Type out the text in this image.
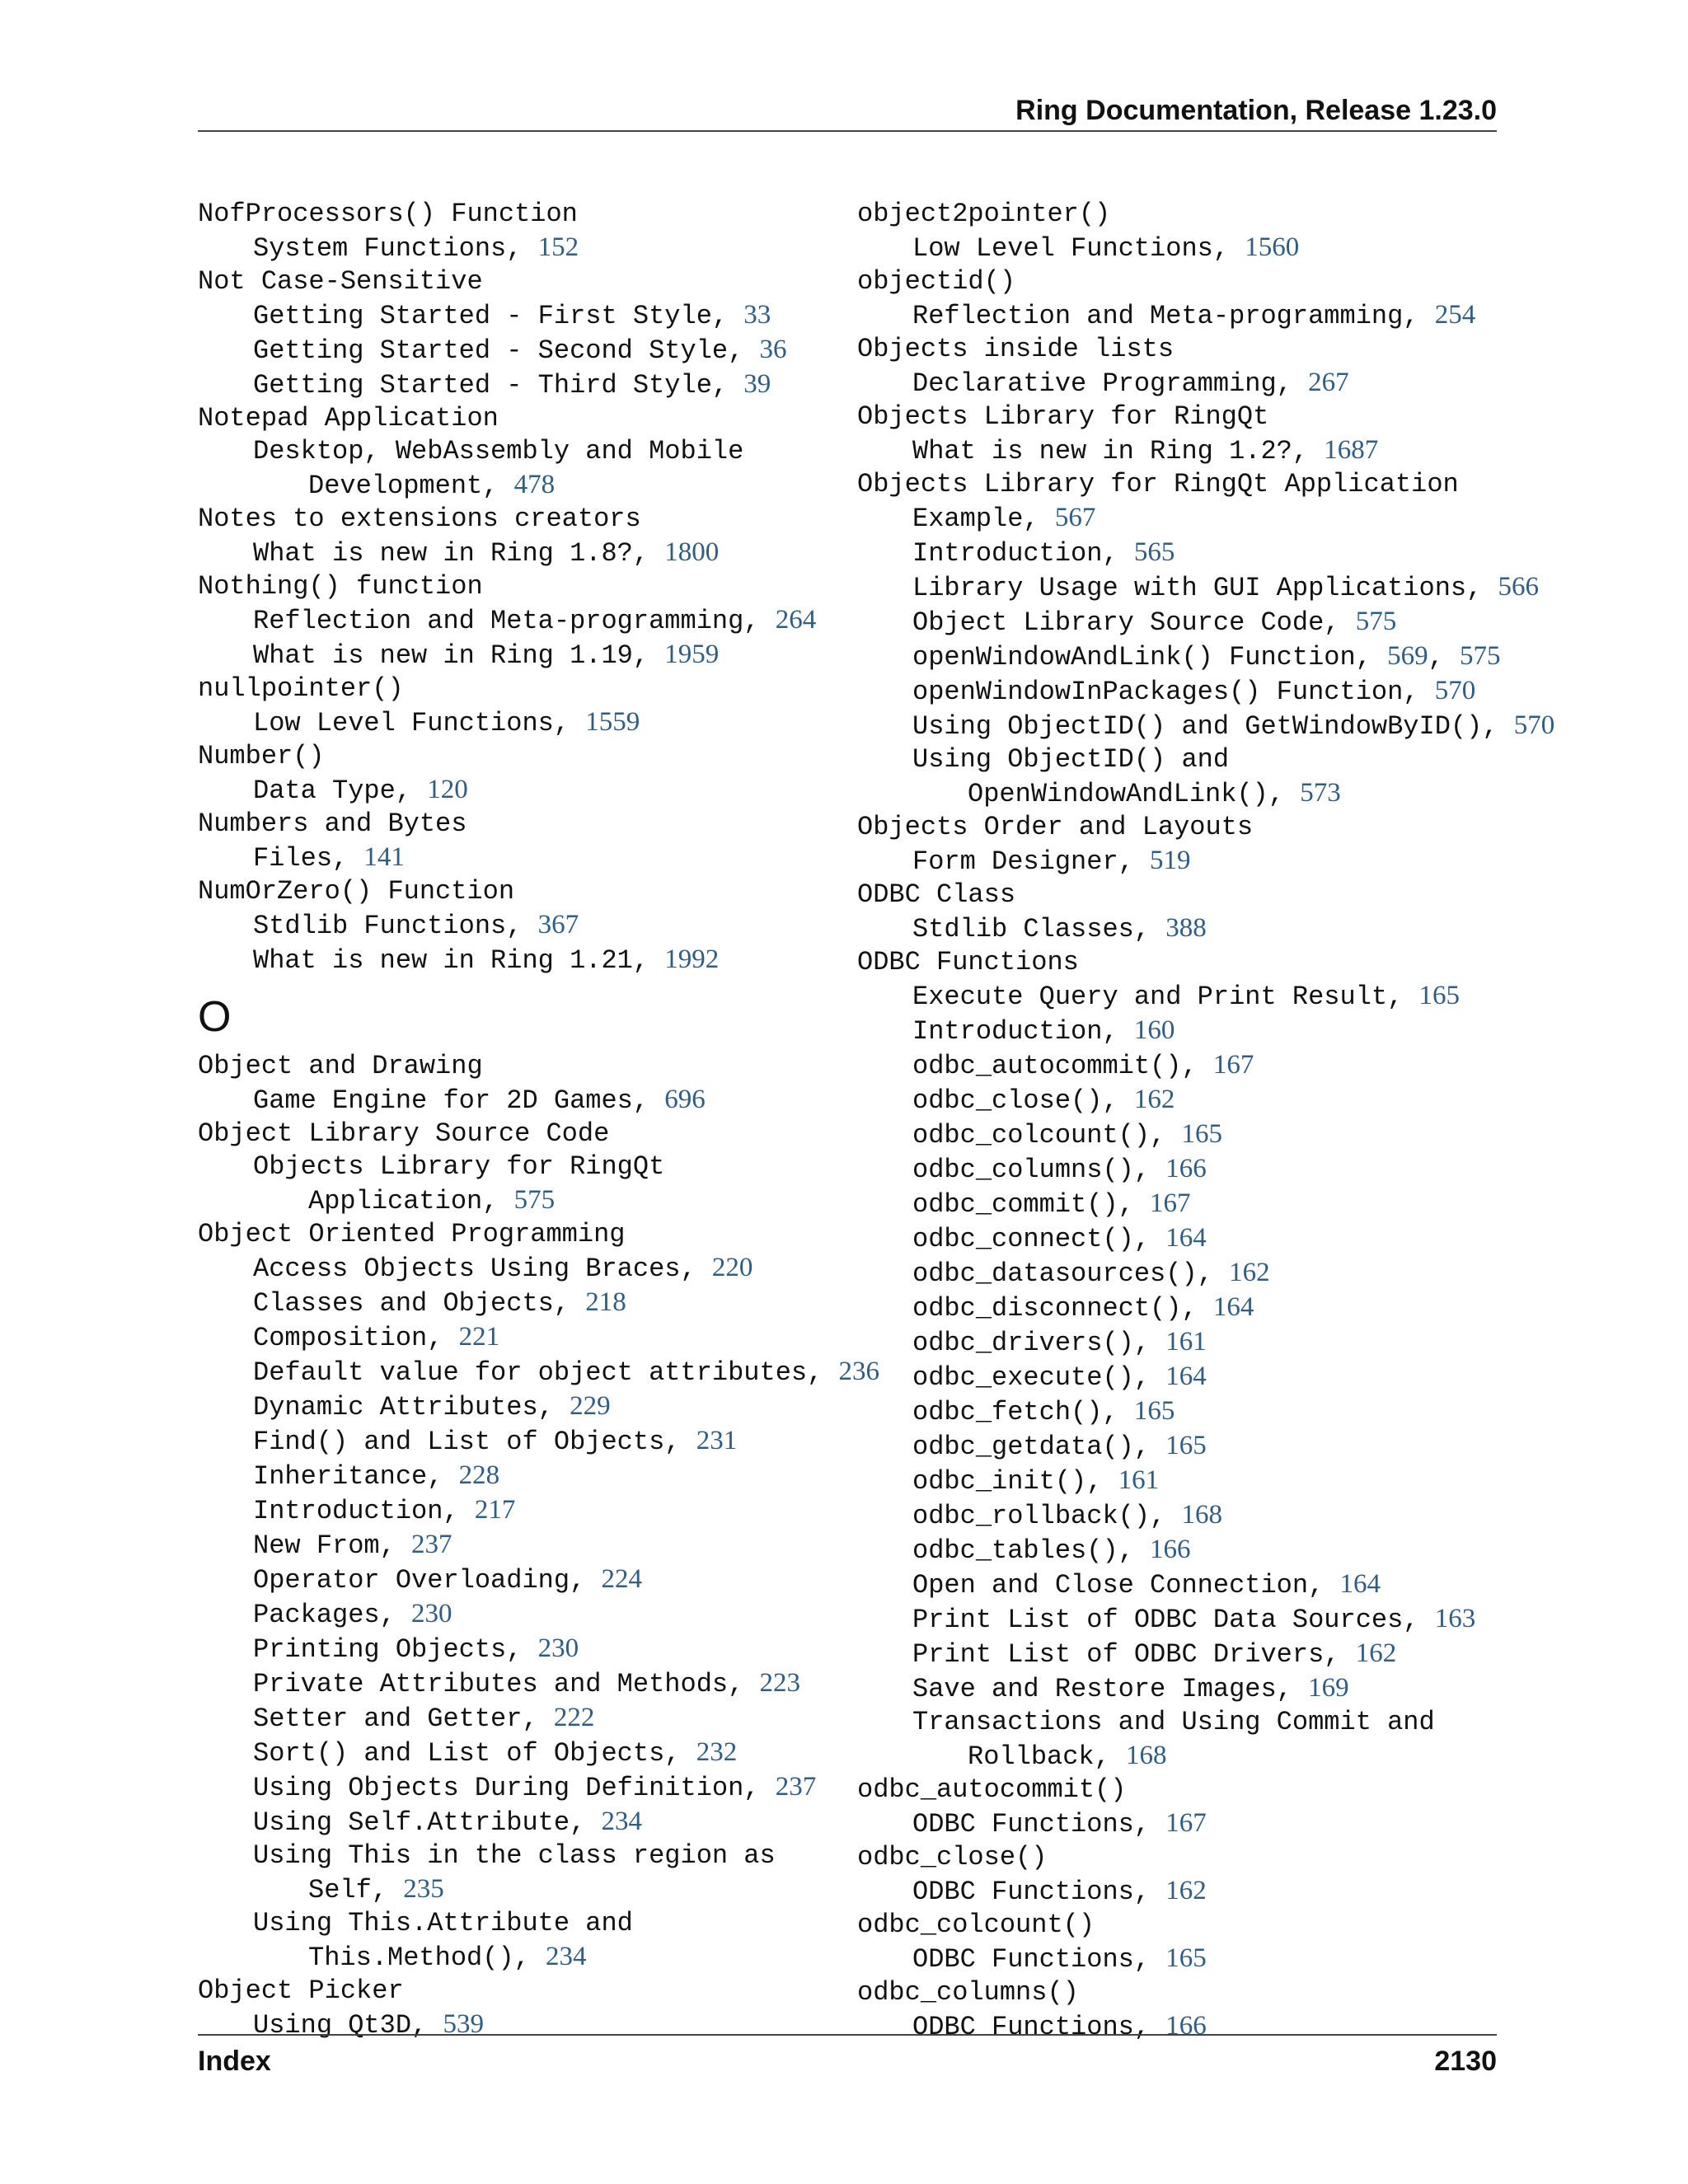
Ring Documentation, Release 1.23.0
NofProcessors() Function
System Functions, 152
Not Case-Sensitive
Getting Started - First Style, 33
Getting Started - Second Style, 36
Getting Started - Third Style, 39
Notepad Application
Desktop, WebAssembly and Mobile Development, 478
Notes to extensions creators
What is new in Ring 1.8?, 1800
Nothing() function
Reflection and Meta-programming, 264
What is new in Ring 1.19, 1959
nullpointer()
Low Level Functions, 1559
Number()
Data Type, 120
Numbers and Bytes
Files, 141
NumOrZero() Function
Stdlib Functions, 367
What is new in Ring 1.21, 1992
O
Object and Drawing
Game Engine for 2D Games, 696
Object Library Source Code
Objects Library for RingQt Application, 575
Object Oriented Programming
Access Objects Using Braces, 220
Classes and Objects, 218
Composition, 221
Default value for object attributes, 236
Dynamic Attributes, 229
Find() and List of Objects, 231
Inheritance, 228
Introduction, 217
New From, 237
Operator Overloading, 224
Packages, 230
Printing Objects, 230
Private Attributes and Methods, 223
Setter and Getter, 222
Sort() and List of Objects, 232
Using Objects During Definition, 237
Using Self.Attribute, 234
Using This in the class region as Self, 235
Using This.Attribute and This.Method(), 234
Object Picker
Using Qt3D, 539
object2pointer()
Low Level Functions, 1560
objectid()
Reflection and Meta-programming, 254
Objects inside lists
Declarative Programming, 267
Objects Library for RingQt
What is new in Ring 1.2?, 1687
Objects Library for RingQt Application
Example, 567
Introduction, 565
Library Usage with GUI Applications, 566
Object Library Source Code, 575
openWindowAndLink() Function, 569, 575
openWindowInPackages() Function, 570
Using ObjectID() and GetWindowByID(), 570
Using ObjectID() and OpenWindowAndLink(), 573
Objects Order and Layouts
Form Designer, 519
ODBC Class
Stdlib Classes, 388
ODBC Functions
Execute Query and Print Result, 165
Introduction, 160
odbc_autocommit(), 167
odbc_close(), 162
odbc_colcount(), 165
odbc_columns(), 166
odbc_commit(), 167
odbc_connect(), 164
odbc_datasources(), 162
odbc_disconnect(), 164
odbc_drivers(), 161
odbc_execute(), 164
odbc_fetch(), 165
odbc_getdata(), 165
odbc_init(), 161
odbc_rollback(), 168
odbc_tables(), 166
Open and Close Connection, 164
Print List of ODBC Data Sources, 163
Print List of ODBC Drivers, 162
Save and Restore Images, 169
Transactions and Using Commit and Rollback, 168
odbc_autocommit()
ODBC Functions, 167
odbc_close()
ODBC Functions, 162
odbc_colcount()
ODBC Functions, 165
odbc_columns()
ODBC Functions, 166
Index	2130
